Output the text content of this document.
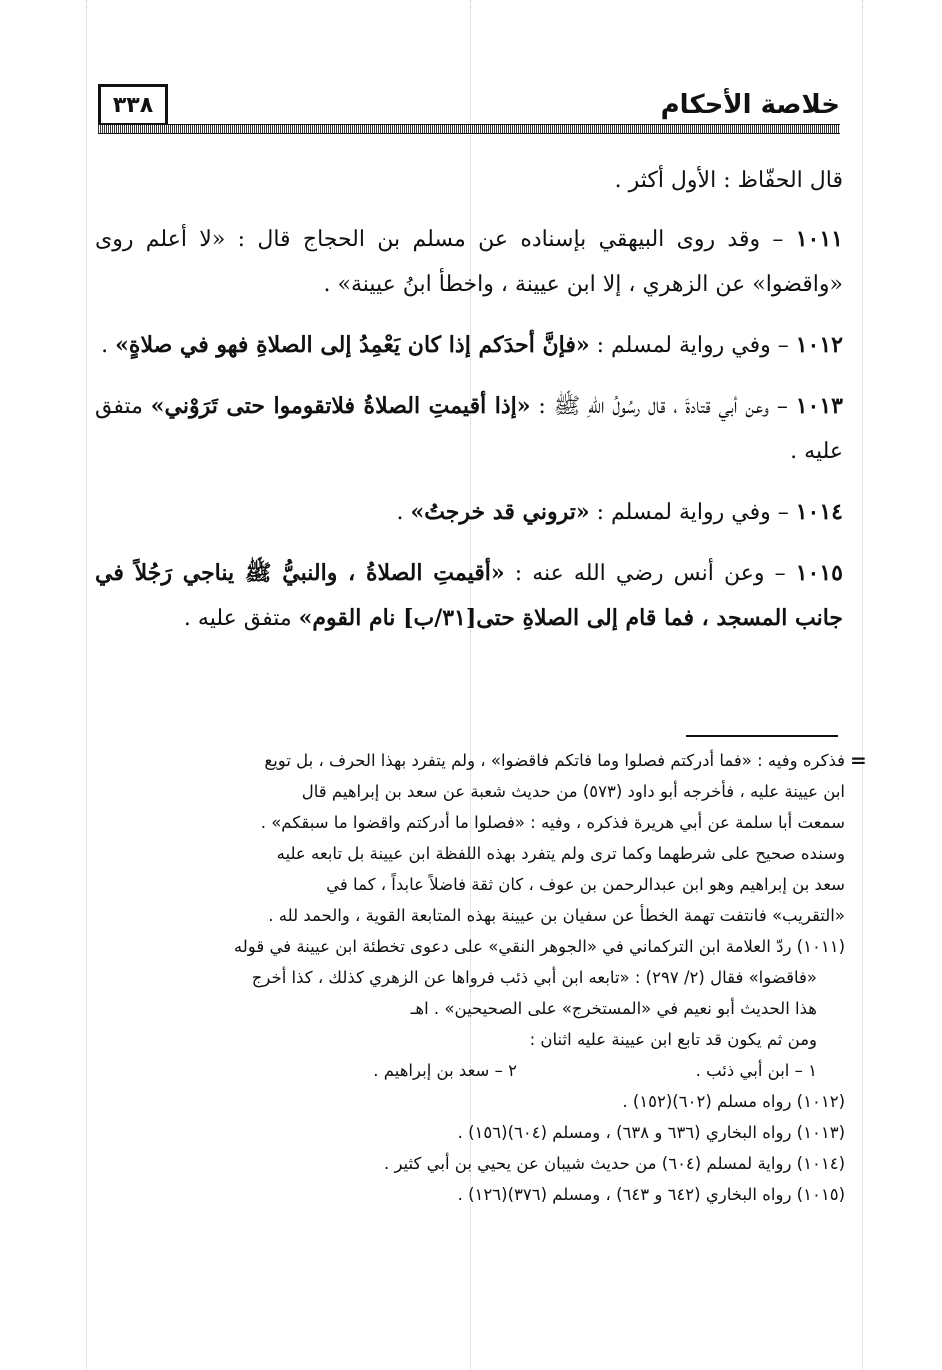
٣٣٨	خلاصة الأحكام

قال الحفّاظ : الأول أكثر .

١٠١١ – وقد روى البيهقي بإسناده عن مسلم بن الحجاج قال : «لا أعلم روى «واقضوا» عن الزهري ، إلا ابن عيينة ، واخطأ ابنُ عيينة» .

١٠١٢ – وفي رواية لمسلم : «فإنَّ أحدَكم إذا كان يَعْمِدُ إلى الصلاةِ فهو في صلاةٍ» .

١٠١٣ – وعن أبي قتادةَ ، قال رسُولُ اللهِ ﷺ : «إذا أقيمتِ الصلاةُ فلاتقوموا حتى تَرَوْني» متفق عليه .

١٠١٤ – وفي رواية لمسلم : «تروني قد خرجتُ» .

١٠١٥ – وعن أنس رضي الله عنه : «أقيمتِ الصلاةُ ، والنبيُّ ﷺ يناجي رَجُلاً في جانب المسجد ، فما قام إلى الصلاةِ حتى[٣١/ب] نام القوم» متفق عليه .

=
فذكره وفيه : «فما أدركتم فصلوا وما فاتكم فاقضوا» ، ولم يتفرد بهذا الحرف ، بل تويع
ابن عيينة عليه ، فأخرجه أبو داود (٥٧٣) من حديث شعبة عن سعد بن إبراهيم قال
سمعت أبا سلمة عن أبي هريرة فذكره ، وفيه : «فصلوا ما أدركتم واقضوا ما سبقكم» .
وسنده صحيح على شرطهما وكما ترى ولم يتفرد بهذه اللفظة ابن عيينة بل تابعه عليه
سعد بن إبراهيم وهو ابن عبدالرحمن بن عوف ، كان ثقة فاضلاً عابداً ، كما في
«التقريب» فانتفت تهمة الخطأ عن سفيان بن عيينة بهذه المتابعة القوية ، والحمد لله .
(١٠١١) ردّ العلامة ابن التركماني في «الجوهر النقي» على دعوى تخطئة ابن عيينة في قوله
«فاقضوا» فقال (٢/ ٢٩٧) : «تابعه ابن أبي ذئب فرواها عن الزهري كذلك ، كذا أخرج
هذا الحديث أبو نعيم في «المستخرج» على الصحيحين» . اهـ
ومن ثم يكون قد تابع ابن عيينة عليه اثنان :
١ – ابن أبي ذئب .
٢ – سعد بن إبراهيم .
(١٠١٢) رواه مسلم (٦٠٢)(١٥٢) .
(١٠١٣) رواه البخاري (٦٣٦ و ٦٣٨) ، ومسلم (٦٠٤)(١٥٦) .
(١٠١٤) رواية لمسلم (٦٠٤) من حديث شيبان عن يحيي بن أبي كثير .
(١٠١٥) رواه البخاري (٦٤٢ و ٦٤٣) ، ومسلم (٣٧٦)(١٢٦) .
